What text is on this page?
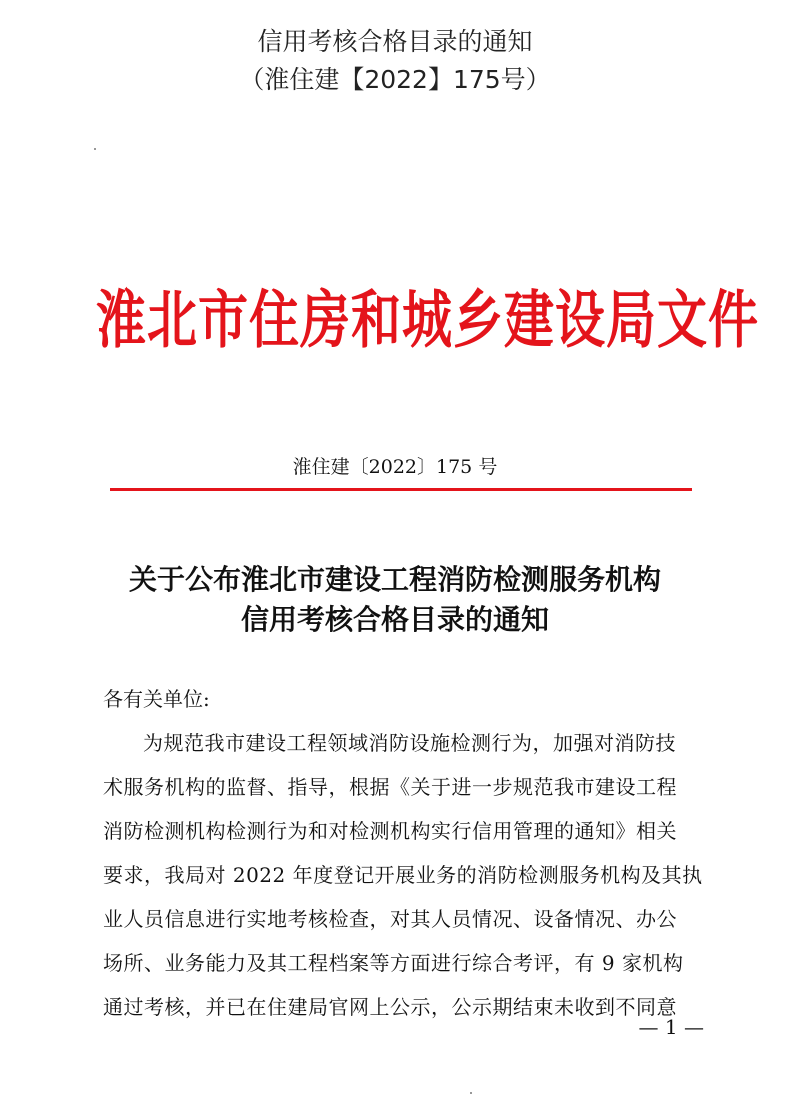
信用考核合格目录的通知
（淮住建【2022】175号）
淮北市住房和城乡建设局文件
淮住建〔2022〕175 号
关于公布淮北市建设工程消防检测服务机构
信用考核合格目录的通知
各有关单位:
为规范我市建设工程领域消防设施检测行为，加强对消防技
术服务机构的监督、指导，根据《关于进一步规范我市建设工程
消防检测机构检测行为和对检测机构实行信用管理的通知》相关
要求，我局对 2022 年度登记开展业务的消防检测服务机构及其执
业人员信息进行实地考核检查，对其人员情况、设备情况、办公
场所、业务能力及其工程档案等方面进行综合考评，有 9 家机构
通过考核，并已在住建局官网上公示，公示期结束未收到不同意
— 1 —
